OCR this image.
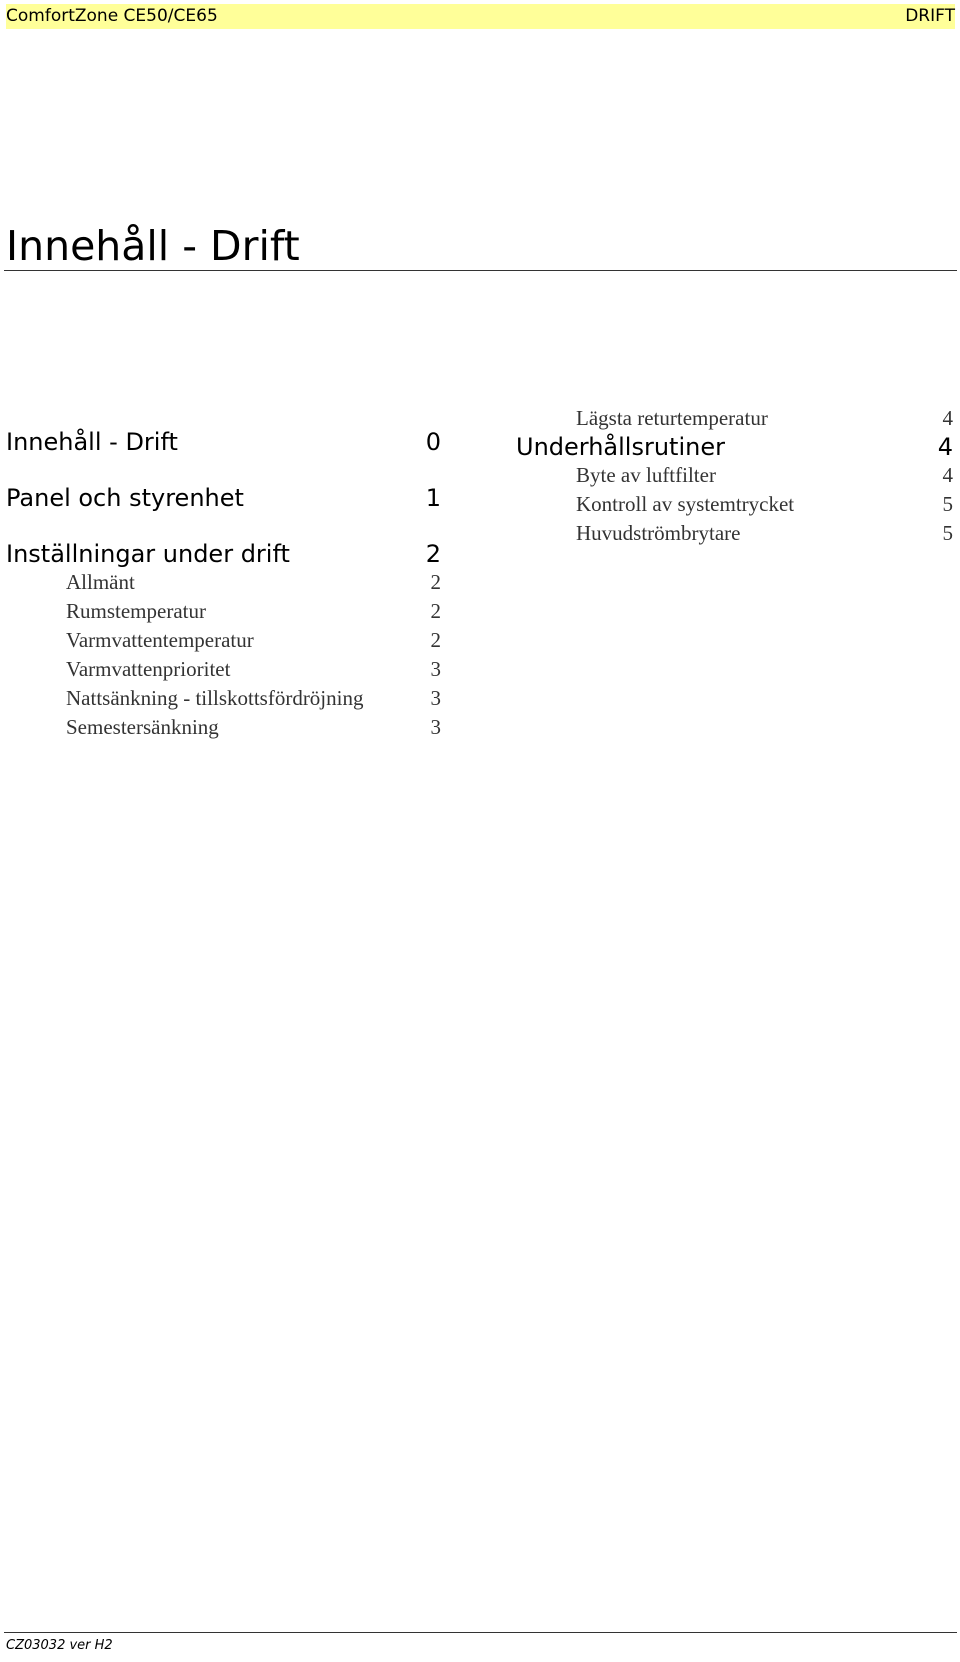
ComfortZone CE50/CE65	DRIFT
Innehåll - Drift
Innehåll - Drift	0
Panel och styrenhet	1
Inställningar under drift	2
Allmänt	2
Rumstemperatur	2
Varmvattentemperatur	2
Varmvattenprioritet	3
Nattsänkning - tillskottsfördröjning	3
Semestersänkning	3
Lägsta returtemperatur	4
Underhållsrutiner	4
Byte av luftfilter	4
Kontroll av systemtrycket	5
Huvudströmbrytare	5
CZ03032 ver H2
